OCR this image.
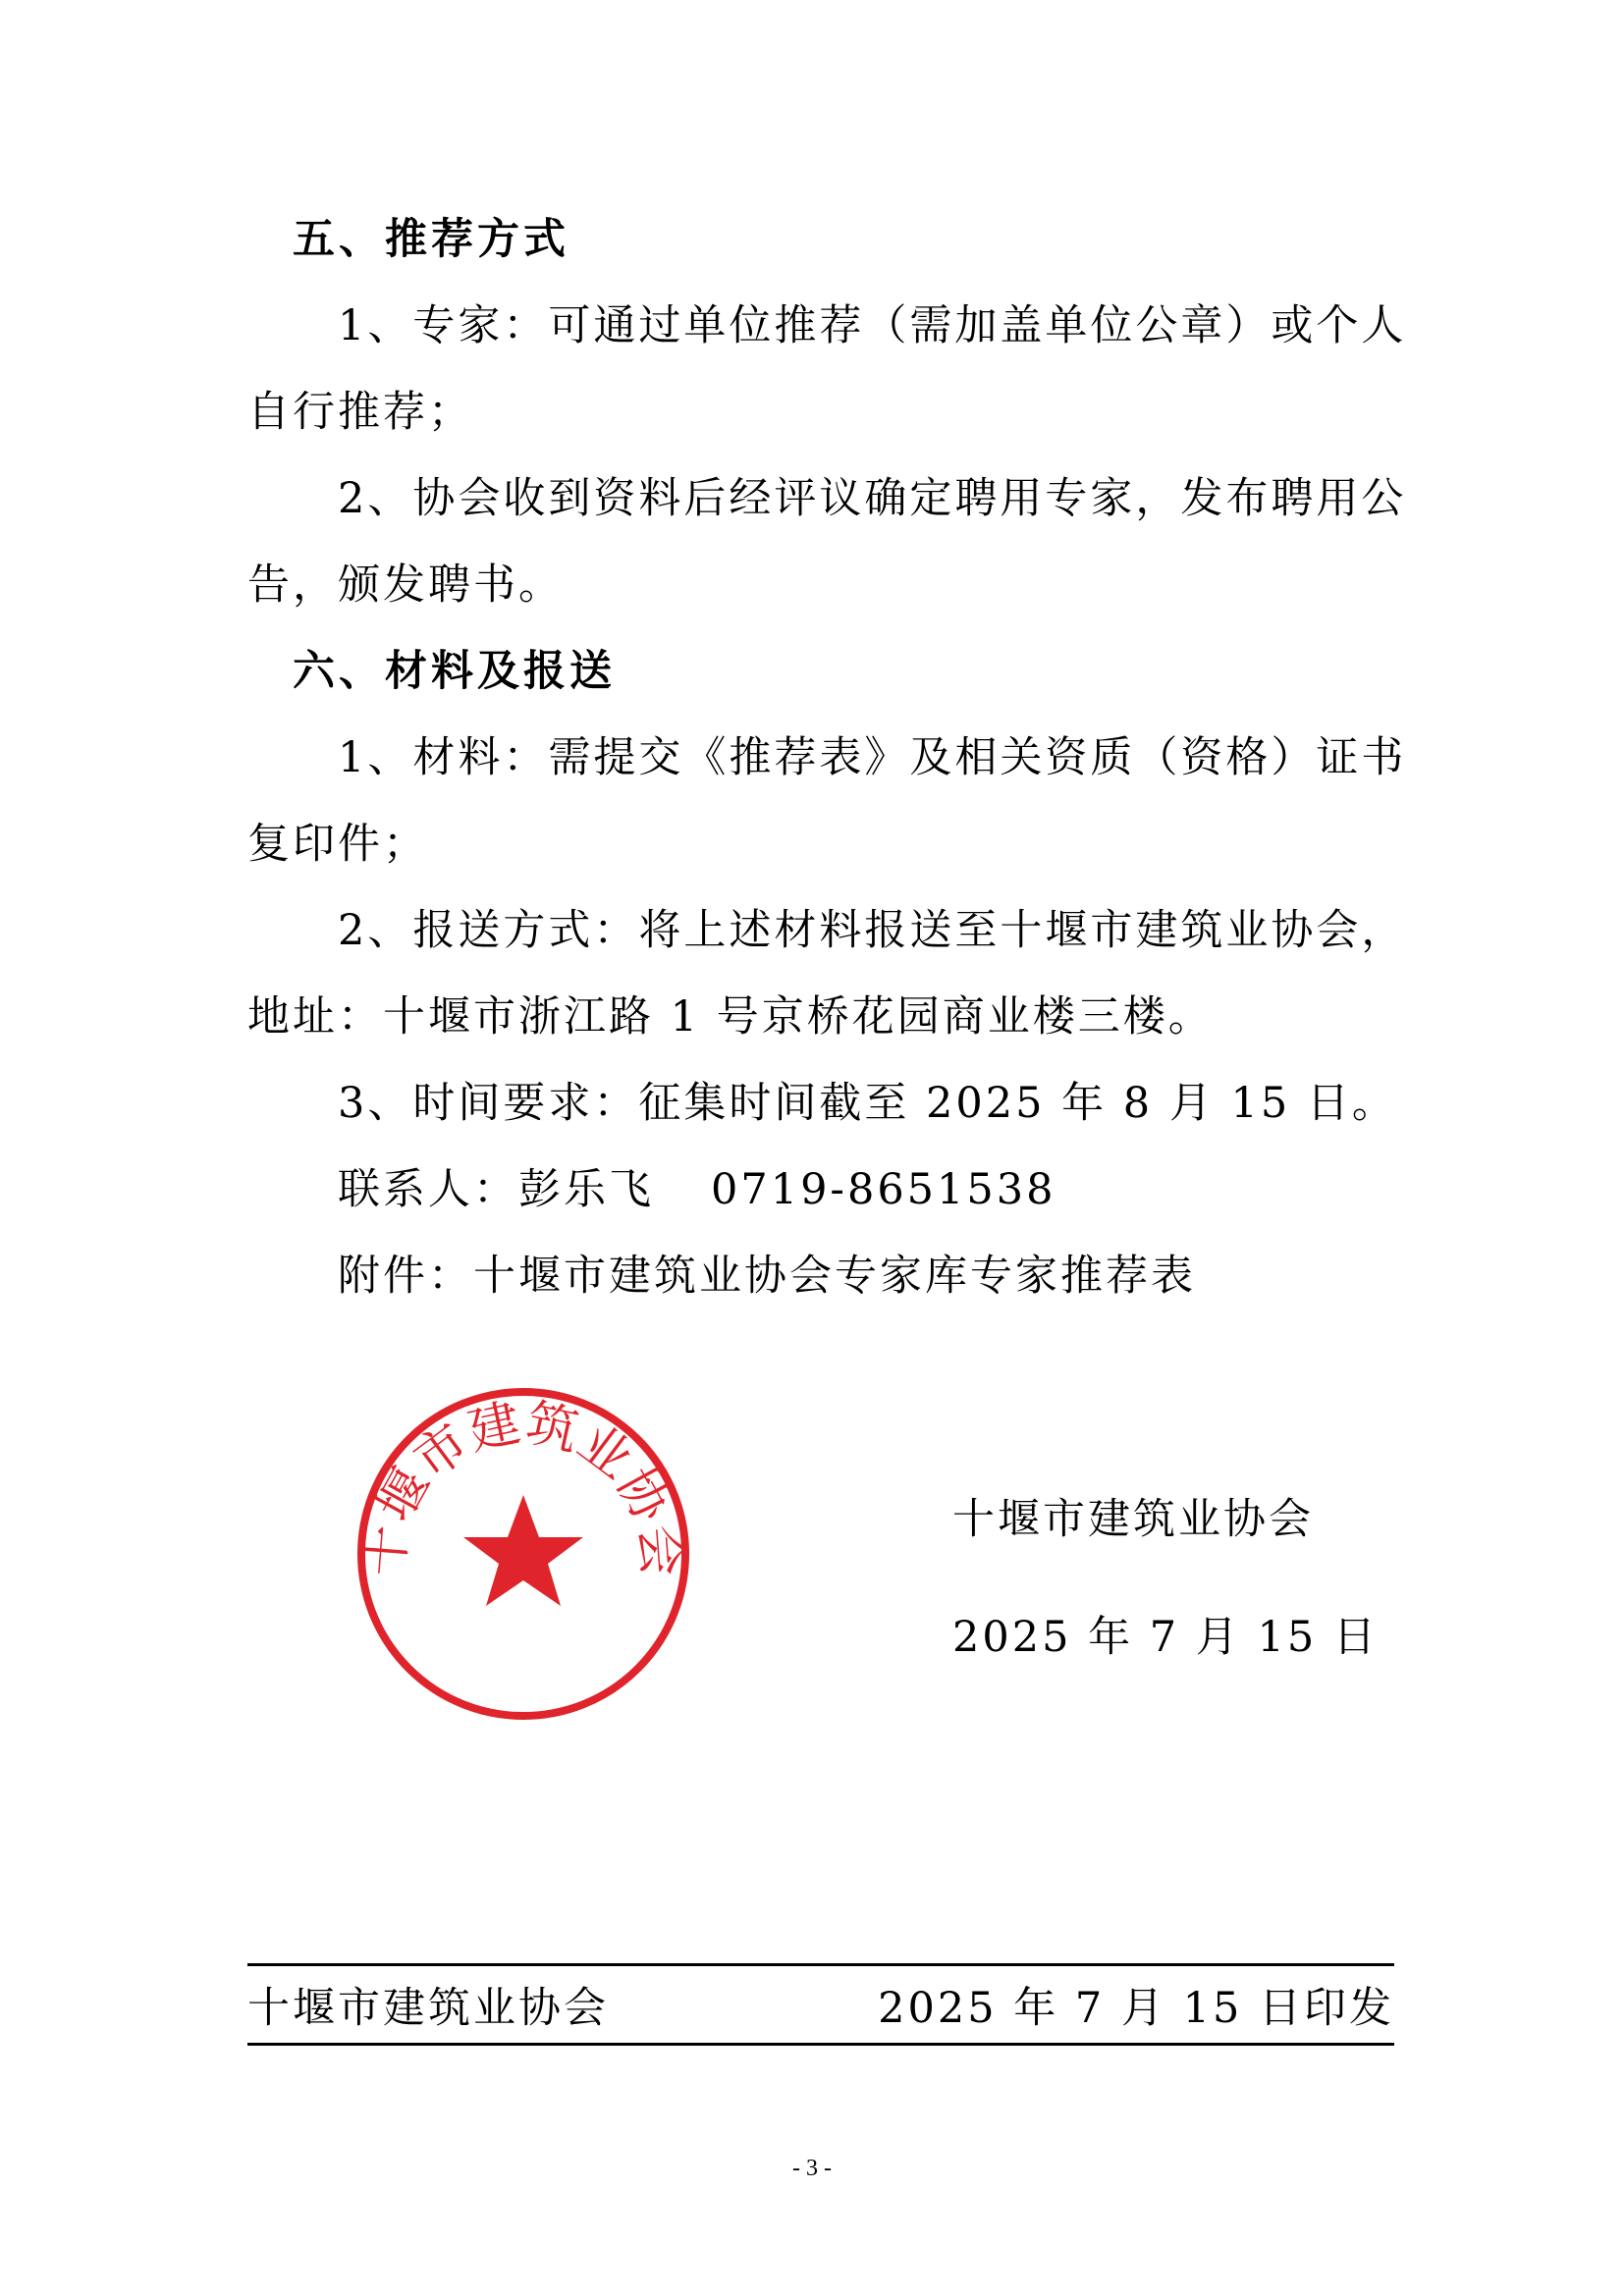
五、推荐方式
1、专家：可通过单位推荐（需加盖单位公章）或个人
自行推荐；
2、协会收到资料后经评议确定聘用专家，发布聘用公
告，颁发聘书。
六、材料及报送
1、材料：需提交《推荐表》及相关资质（资格）证书
复印件；
2、报送方式：将上述材料报送至十堰市建筑业协会，
地址：十堰市浙江路 1 号京桥花园商业楼三楼。
3、时间要求：征集时间截至 2025 年 8 月 15 日。
联系人：彭乐飞 0719-8651538
附件：十堰市建筑业协会专家库专家推荐表
十堰市建筑业协会
十堰市建筑业协会
2025 年 7 月 15 日
十堰市建筑业协会	2025 年 7 月 15 日印发
- 3 -
